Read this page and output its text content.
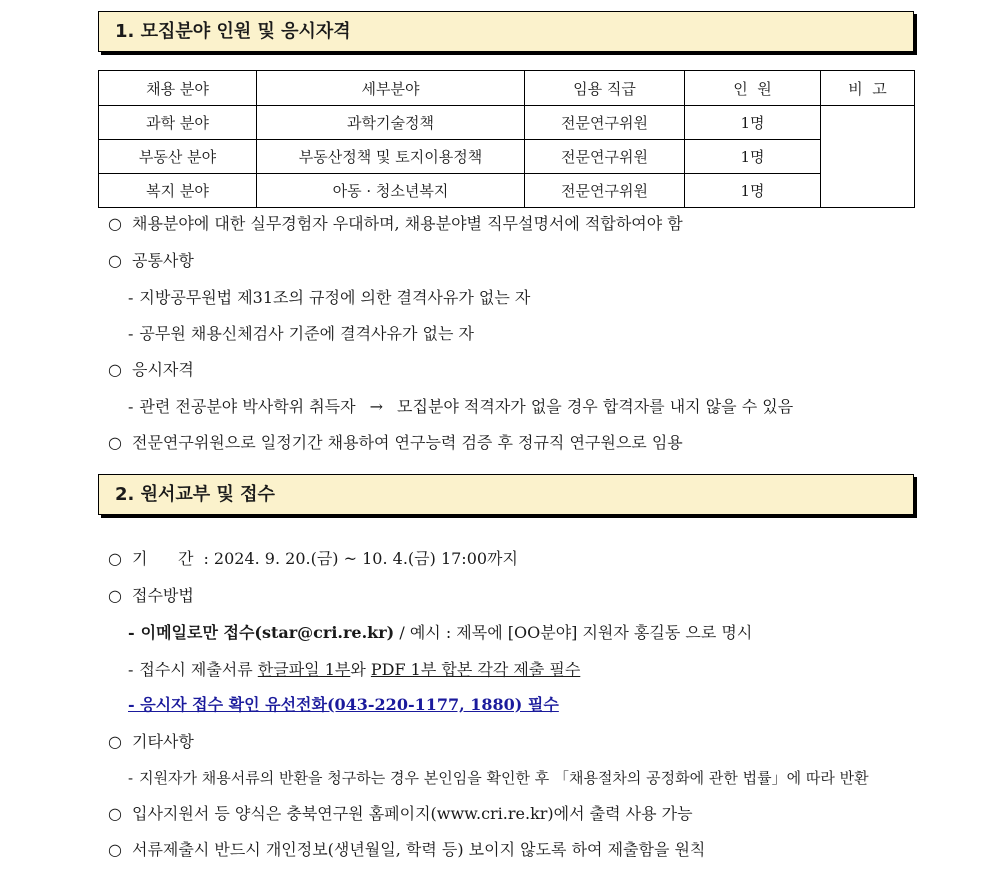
1. 모집분야 인원 및 응시자격
채용 분야	세부분야	임용 직급	인  원	비  고
과학 분야	과학기술정책	전문연구위원	1명	
부동산 분야	부동산정책 및 토지이용정책	전문연구위원	1명	
복지 분야	아동 · 청소년복지	전문연구위원	1명	
○ 채용분야에 대한 실무경험자 우대하며, 채용분야별 직무설명서에 적합하여야 함
○ 공통사항
- 지방공무원법 제31조의 규정에 의한 결격사유가 없는 자
- 공무원 채용신체검사 기준에 결격사유가 없는 자
○ 응시자격
- 관련 전공분야 박사학위 취득자 → 모집분야 적격자가 없을 경우 합격자를 내지 않을 수 있음
○ 전문연구위원으로 일정기간 채용하여 연구능력 검증 후 정규직 연구원으로 임용
2. 원서교부 및 접수
○ 기      간 : 2024. 9. 20.(금) ~ 10. 4.(금) 17:00까지
○ 접수방법
- 이메일로만 접수(star@cri.re.kr) / 예시 : 제목에 [OO분야] 지원자 홍길동 으로 명시
- 접수시 제출서류 한글파일 1부와 PDF 1부 합본 각각 제출 필수
- 응시자 접수 확인 유선전화(043-220-1177, 1880) 필수
○ 기타사항
- 지원자가 채용서류의 반환을 청구하는 경우 본인임을 확인한 후 「채용절차의 공정화에 관한 법률」에 따라 반환
○ 입사지원서 등 양식은 충북연구원 홈페이지(www.cri.re.kr)에서 출력 사용 가능
○ 서류제출시 반드시 개인정보(생년월일, 학력 등) 보이지 않도록 하여 제출함을 원칙
